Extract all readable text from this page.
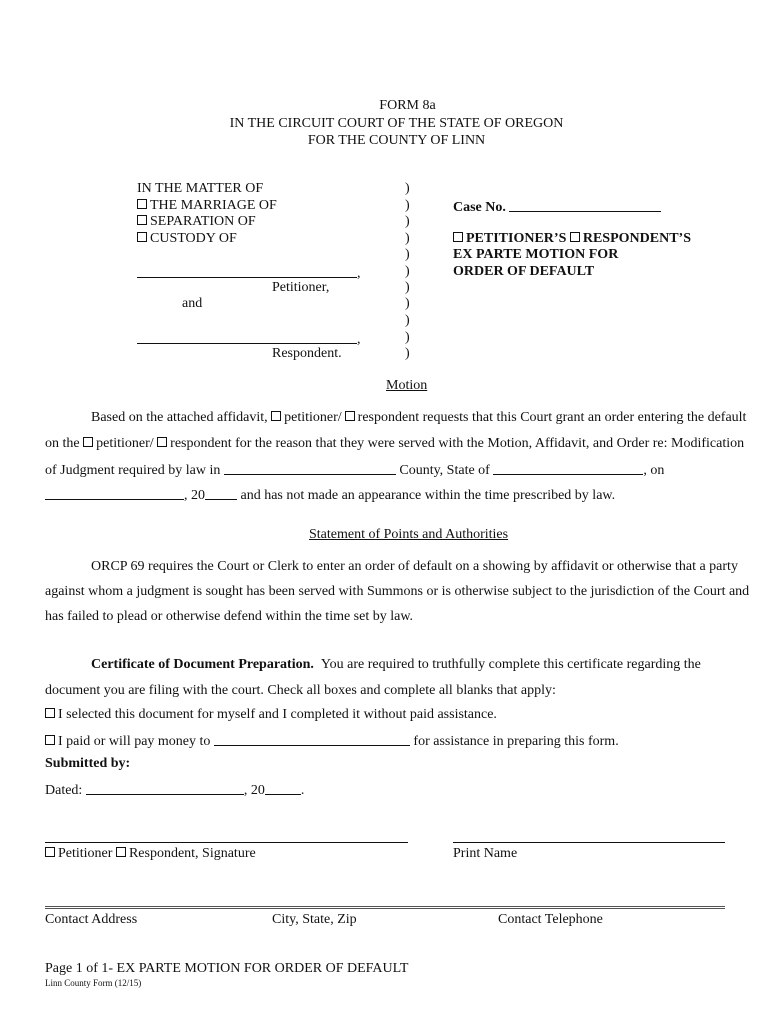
FORM 8a
IN THE CIRCUIT COURT OF THE STATE OF OREGON
FOR THE COUNTY OF LINN
IN THE MATTER OF
THE MARRIAGE OF
SEPARATION OF
CUSTODY OF
,
Petitioner,
and
,
Respondent.
)
)
)
)
)
)
)
)
)
)
)
Case No.
PETITIONER’S RESPONDENT’S
EX PARTE MOTION FOR
ORDER OF DEFAULT
Motion
Based on the attached affidavit, petitioner/ respondent requests that this Court grant an order entering the default
on the petitioner/ respondent for the reason that they were served with the Motion, Affidavit, and Order re: Modification
of Judgment required by law in	County, State of	, on
, 20	and has not made an appearance within the time prescribed by law.
Statement of Points and Authorities
ORCP 69 requires the Court or Clerk to enter an order of default on a showing by affidavit or otherwise that a party
against whom a judgment is sought has been served with Summons or is otherwise subject to the jurisdiction of the Court and
has failed to plead or otherwise defend within the time set by law.
Certificate of Document Preparation. You are required to truthfully complete this certificate regarding the
document you are filing with the court. Check all boxes and complete all blanks that apply:
I selected this document for myself and I completed it without paid assistance.
I paid or will pay money to	for assistance in preparing this form.
Submitted by:
Dated:	, 20	.
Petitioner Respondent, Signature	Print Name
Contact Address	City, State, Zip	Contact Telephone
Page 1 of 1- EX PARTE MOTION FOR ORDER OF DEFAULT
Linn County Form (12/15)
